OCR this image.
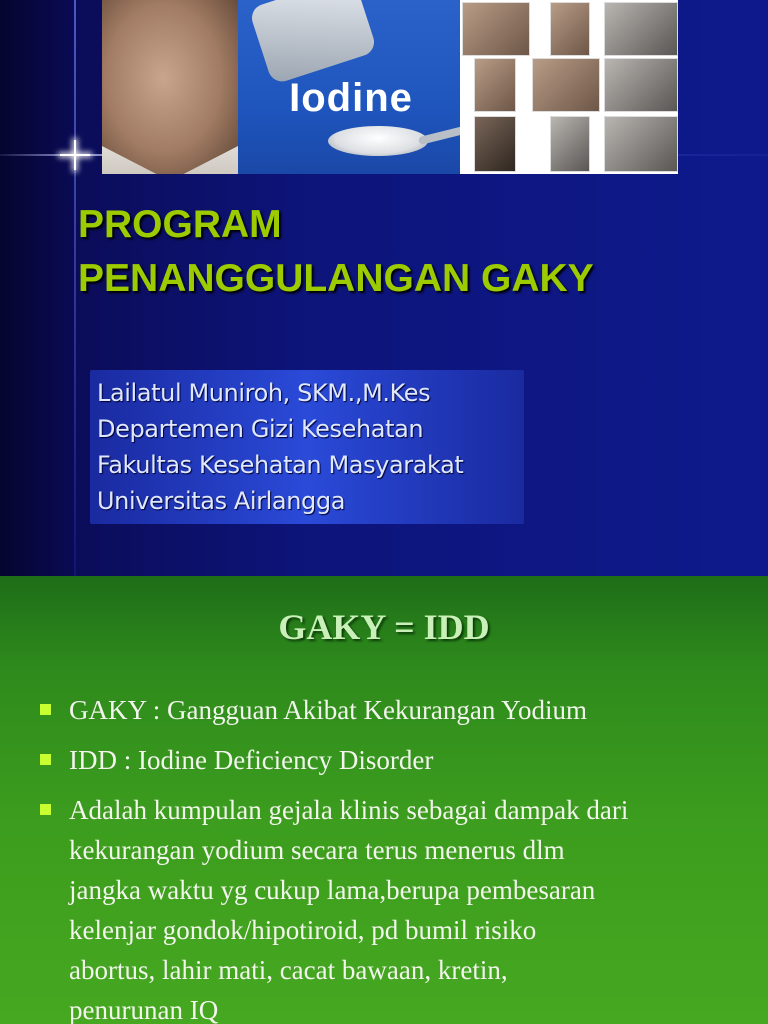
Iodine
PROGRAM
PENANGGULANGAN GAKY
Lailatul Muniroh, SKM.,M.Kes
Departemen Gizi Kesehatan
Fakultas Kesehatan Masyarakat
Universitas Airlangga
GAKY = IDD
GAKY : Gangguan Akibat Kekurangan Yodium
IDD : Iodine Deficiency Disorder
Adalah kumpulan gejala klinis sebagai dampak dari
kekurangan yodium secara terus menerus dlm
jangka waktu yg cukup lama,berupa pembesaran
kelenjar gondok/hipotiroid, pd bumil risiko
abortus, lahir mati, cacat bawaan, kretin,
penurunan IQ
